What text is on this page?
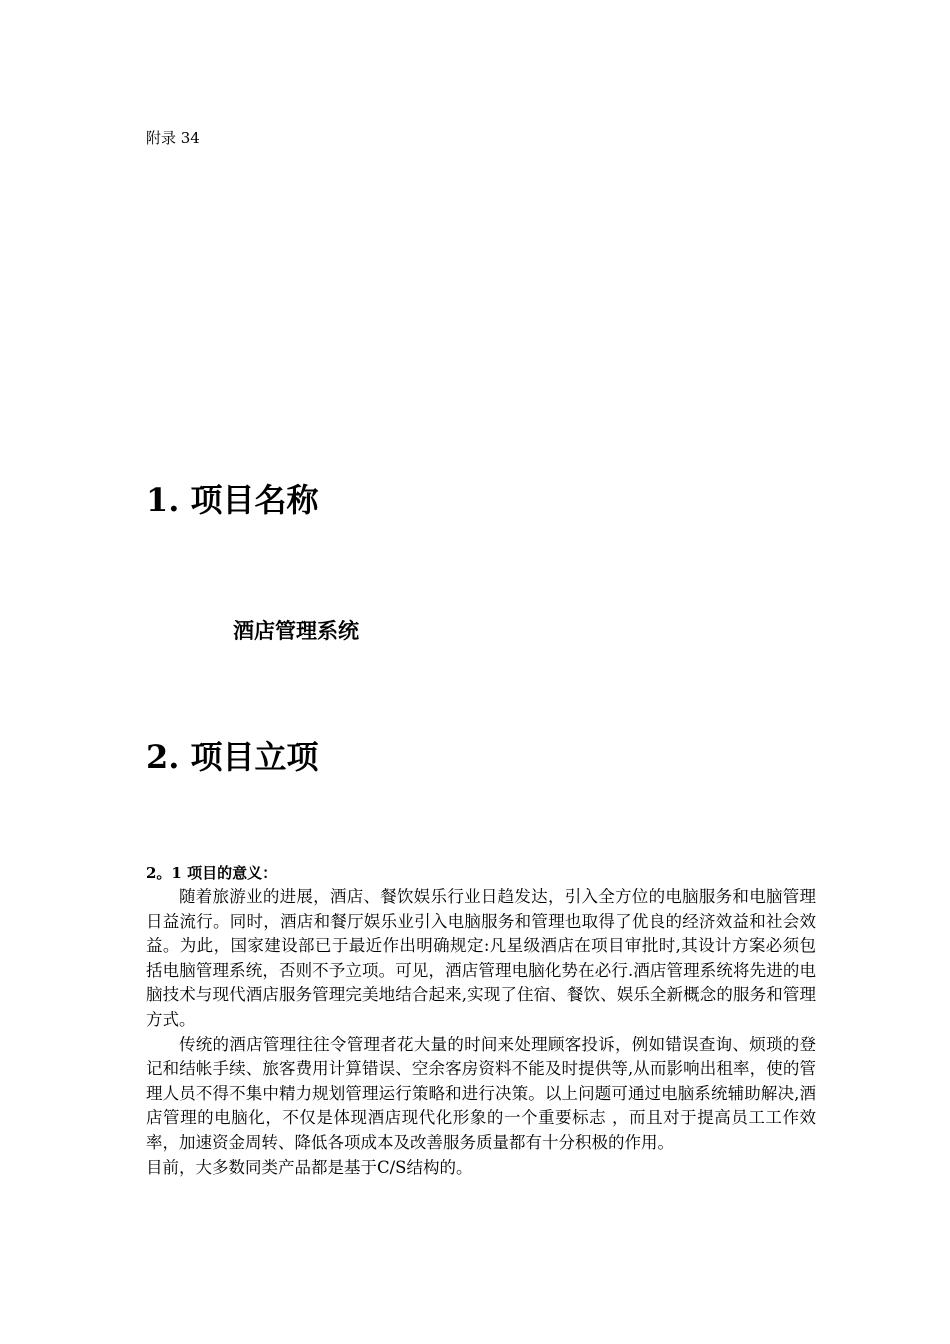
附录 34
1. 项目名称
酒店管理系统
2. 项目立项
2。1 项目的意义：

随着旅游业的进展，酒店、餐饮娱乐行业日趋发达，引入全方位的电脑服务和电脑管理日益流行。同时，酒店和餐厅娱乐业引入电脑服务和管理也取得了优良的经济效益和社会效益。为此，国家建设部已于最近作出明确规定:凡星级酒店在项目审批时,其设计方案必须包括电脑管理系统，否则不予立项。可见，酒店管理电脑化势在必行.酒店管理系统将先进的电脑技术与现代酒店服务管理完美地结合起来,实现了住宿、餐饮、娱乐全新概念的服务和管理方式。

传统的酒店管理往往令管理者花大量的时间来处理顾客投诉，例如错误查询、烦琐的登记和结帐手续、旅客费用计算错误、空余客房资料不能及时提供等,从而影响出租率，使的管理人员不得不集中精力规划管理运行策略和进行决策。以上问题可通过电脑系统辅助解决,酒店管理的电脑化，不仅是体现酒店现代化形象的一个重要标志 ，而且对于提高员工工作效率，加速资金周转、降低各项成本及改善服务质量都有十分积极的作用。

目前，大多数同类产品都是基于C/S结构的。
